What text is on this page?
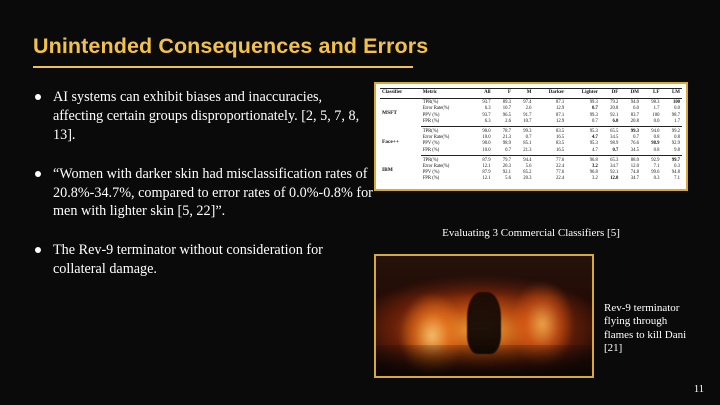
Unintended Consequences and Errors
AI systems can exhibit biases and inaccuracies, affecting certain groups disproportionately. [2, 5, 7, 8, 13].
“Women with darker skin had misclassification rates of 20.8%-34.7%, compared to error rates of 0.0%-0.8% for men with lighter skin [5, 22]”.
The Rev-9 terminator without consideration for collateral damage.
Classifier	Metric	All	F	M	Darker	Lighter	DF	DM	LF	LM
MSFT	TPR(%)	93.7	89.3	97.4	87.1	99.3	79.2	94.0	98.3	100
	Error Rate(%)	6.3	10.7	2.6	12.9	0.7	20.8	6.0	1.7	0.0
	PPV (%)	93.7	96.5	91.7	87.1	99.3	92.1	83.7	100	98.7
	FPR (%)	6.3	2.6	10.7	12.9	0.7	6.0	20.8	0.0	1.7
Face++	TPR(%)	90.0	78.7	99.3	83.5	95.3	65.5	99.3	94.0	99.2
	Error Rate(%)	10.0	21.3	0.7	16.5	4.7	34.5	0.7	0.8	0.8
	PPV (%)	90.0	98.9	85.1	83.5	95.3	98.9	76.6	98.9	92.9
	FPR (%)	10.0	0.7	21.3	16.5	4.7	0.7	34.5	0.8	9.8
IBM	TPR(%)	87.9	79.7	94.4	77.6	96.8	65.3	88.0	92.9	99.7
	Error Rate(%)	12.1	20.3	5.6	22.4	3.2	34.7	12.0	7.1	0.3
	PPV (%)	87.9	92.1	85.2	77.6	96.8	92.1	74.8	99.6	94.8
	FPR (%)	12.1	5.6	20.3	22.4	3.2	12.0	34.7	0.3	7.1
Evaluating 3 Commercial Classifiers [5]
Rev-9 terminator flying through flames to kill Dani [21]
11
